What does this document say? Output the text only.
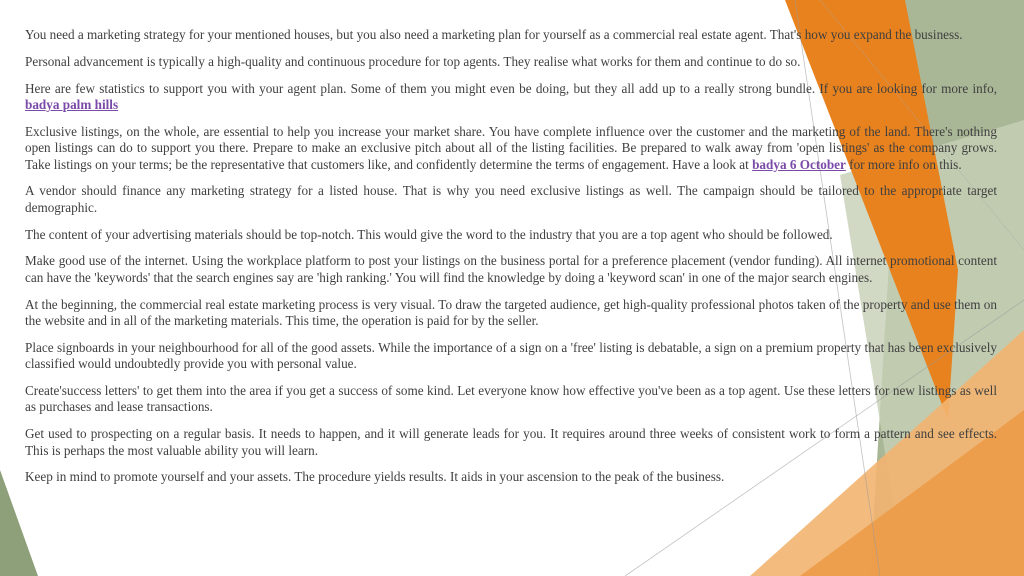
You need a marketing strategy for your mentioned houses, but you also need a marketing plan for yourself as a commercial real estate agent. That's how you expand the business.

Personal advancement is typically a high-quality and continuous procedure for top agents. They realise what works for them and continue to do so.

Here are few statistics to support you with your agent plan. Some of them you might even be doing, but they all add up to a really strong bundle. If you are looking for more info, badya palm hills

Exclusive listings, on the whole, are essential to help you increase your market share. You have complete influence over the customer and the marketing of the land. There's nothing open listings can do to support you there. Prepare to make an exclusive pitch about all of the listing facilities. Be prepared to walk away from 'open listings' as the company grows. Take listings on your terms; be the representative that customers like, and confidently determine the terms of engagement. Have a look at badya 6 October for more info on this.

A vendor should finance any marketing strategy for a listed house. That is why you need exclusive listings as well. The campaign should be tailored to the appropriate target demographic.

The content of your advertising materials should be top-notch. This would give the word to the industry that you are a top agent who should be followed.

Make good use of the internet. Using the workplace platform to post your listings on the business portal for a preference placement (vendor funding). All internet promotional content can have the 'keywords' that the search engines say are 'high ranking.' You will find the knowledge by doing a 'keyword scan' in one of the major search engines.

At the beginning, the commercial real estate marketing process is very visual. To draw the targeted audience, get high-quality professional photos taken of the property and use them on the website and in all of the marketing materials. This time, the operation is paid for by the seller.

Place signboards in your neighbourhood for all of the good assets. While the importance of a sign on a 'free' listing is debatable, a sign on a premium property that has been exclusively classified would undoubtedly provide you with personal value.

Create'success letters' to get them into the area if you get a success of some kind. Let everyone know how effective you've been as a top agent. Use these letters for new listings as well as purchases and lease transactions.

Get used to prospecting on a regular basis. It needs to happen, and it will generate leads for you. It requires around three weeks of consistent work to form a pattern and see effects. This is perhaps the most valuable ability you will learn.

Keep in mind to promote yourself and your assets. The procedure yields results. It aids in your ascension to the peak of the business.
